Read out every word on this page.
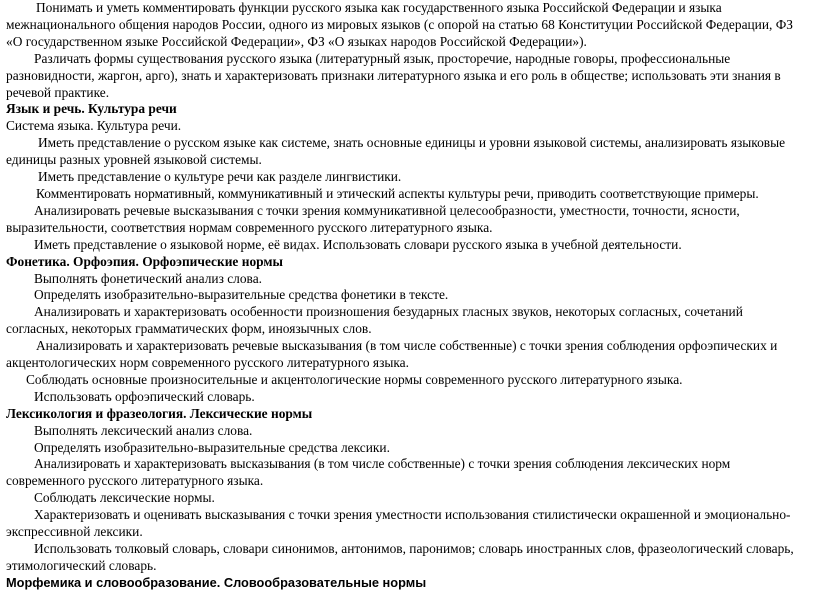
Понимать и уметь комментировать функции русского языка как государственного языка Российской Федерации и языка межнационального общения народов России, одного из мировых языков (с опорой на статью 68 Конституции Российской Федерации, ФЗ «О государственном языке Российской Федерации», ФЗ «О языках народов Российской Федерации»).

Различать формы существования русского языка (литературный язык, просторечие, народные говоры, профессиональные разновидности, жаргон, арго), знать и характеризовать признаки литературного языка и его роль в обществе; использовать эти знания в речевой практике.

Язык и речь. Культура речи

Система языка. Культура речи.

Иметь представление о русском языке как системе, знать основные единицы и уровни языковой системы, анализировать языковые единицы разных уровней языковой системы.

Иметь представление о культуре речи как разделе лингвистики.

Комментировать нормативный, коммуникативный и этический аспекты культуры речи, приводить соответствующие примеры.

Анализировать речевые высказывания с точки зрения коммуникативной целесообразности, уместности, точности, ясности, выразительности, соответствия нормам современного русского литературного языка.

Иметь представление о языковой норме, её видах. Использовать словари русского языка в учебной деятельности.

Фонетика. Орфоэпия. Орфоэпические нормы

Выполнять фонетический анализ слова.

Определять изобразительно-выразительные средства фонетики в тексте.

Анализировать и характеризовать особенности произношения безударных гласных звуков, некоторых согласных, сочетаний согласных, некоторых грамматических форм, иноязычных слов.

Анализировать и характеризовать речевые высказывания (в том числе собственные) с точки зрения соблюдения орфоэпических и акцентологических норм современного русского литературного языка.

Соблюдать основные произносительные и акцентологические нормы современного русского литературного языка.

Использовать орфоэпический словарь.

Лексикология и фразеология. Лексические нормы

Выполнять лексический анализ слова.

Определять изобразительно-выразительные средства лексики.

Анализировать и характеризовать высказывания (в том числе собственные) с точки зрения соблюдения лексических норм современного русского литературного языка.

Соблюдать лексические нормы.

Характеризовать и оценивать высказывания с точки зрения уместности использования стилистически окрашенной и эмоционально-экспрессивной лексики.

Использовать толковый словарь, словари синонимов, антонимов, паронимов; словарь иностранных слов, фразеологический словарь, этимологический словарь.

Морфемика и словообразование. Словообразовательные нормы
